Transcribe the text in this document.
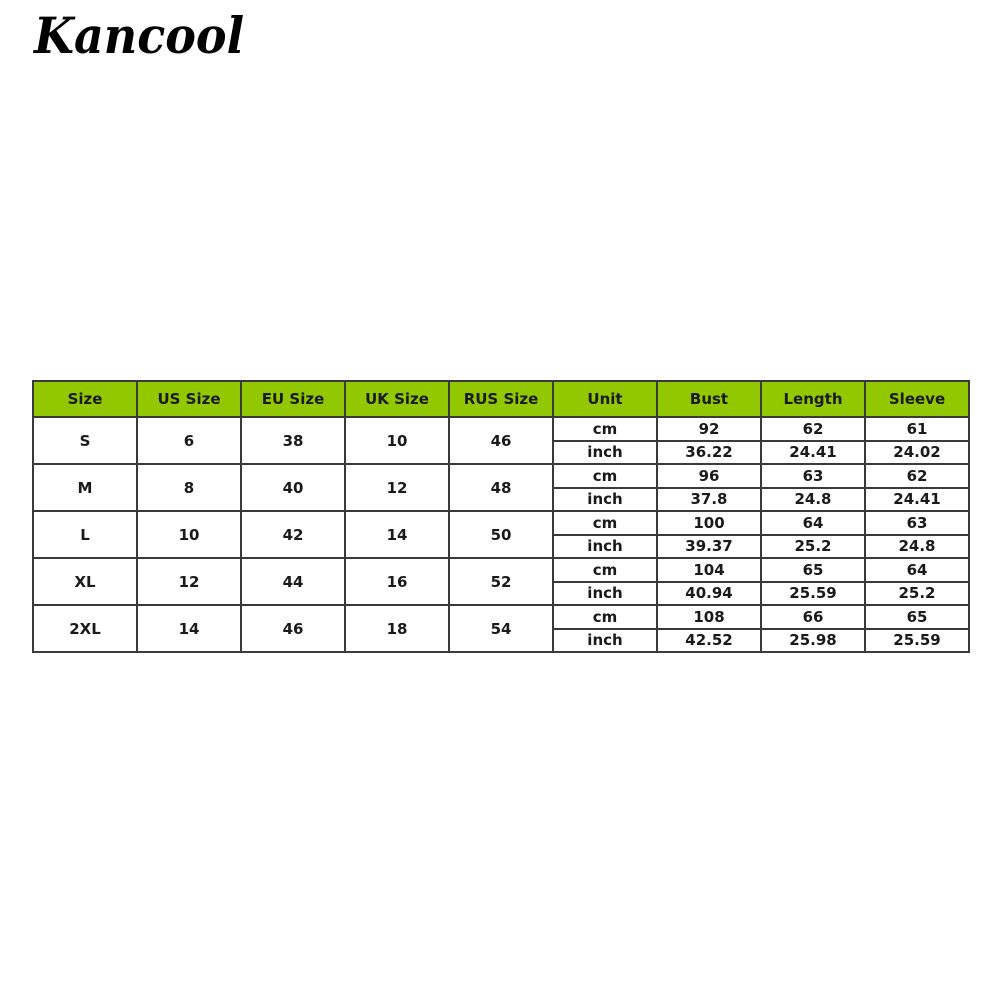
Kancool
Size	US Size	EU Size	UK Size	RUS Size	Unit	Bust	Length	Sleeve
S	6	38	10	46	cm	92	62	61
					inch	36.22	24.41	24.02
M	8	40	12	48	cm	96	63	62
					inch	37.8	24.8	24.41
L	10	42	14	50	cm	100	64	63
					inch	39.37	25.2	24.8
XL	12	44	16	52	cm	104	65	64
					inch	40.94	25.59	25.2
2XL	14	46	18	54	cm	108	66	65
					inch	42.52	25.98	25.59
